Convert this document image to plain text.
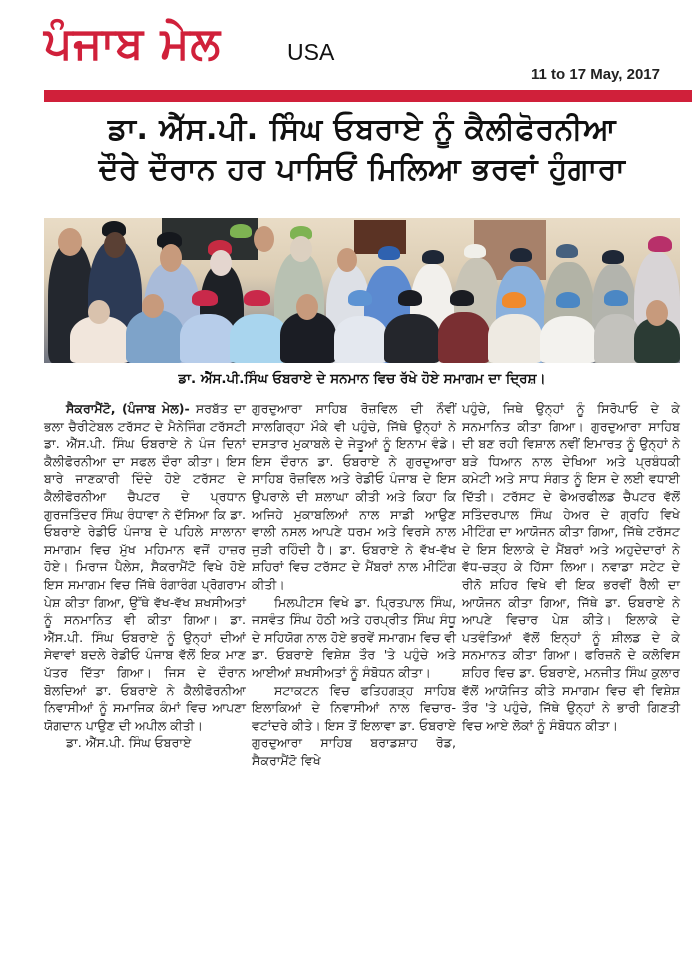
ਪੰਜਾਬ ਮੇਲ	USA
11 to 17 May, 2017
ਡਾ. ਐੱਸ.ਪੀ. ਸਿੰਘ ਓਬਰਾਏ ਨੂੰ ਕੈਲੀਫੋਰਨੀਆ
ਦੌਰੇ ਦੌਰਾਨ ਹਰ ਪਾਸਿਓਂ ਮਿਲਿਆ ਭਰਵਾਂ ਹੁੰਗਾਰਾ
ਡਾ. ਐੱਸ.ਪੀ.ਸਿੰਘ ਓਬਰਾਏ ਦੇ ਸਨਮਾਨ ਵਿਚ ਰੱਖੇ ਹੋਏ ਸਮਾਗਮ ਦਾ ਦ੍ਰਿਸ਼।

ਸੈਕਰਾਮੈਂਟੋ, (ਪੰਜਾਬ ਮੇਲ)- ਸਰਬੱਤ ਦਾ ਭਲਾ ਚੈਰੀਟੇਬਲ ਟਰੱਸਟ ਦੇ ਮੈਨੇਜਿੰਗ ਟਰੱਸਟੀ ਡਾ. ਐੱਸ.ਪੀ. ਸਿੰਘ ਓਬਰਾਏ ਨੇ ਪੰਜ ਦਿਨਾਂ ਕੈਲੀਫੋਰਨੀਆ ਦਾ ਸਫਲ ਦੌਰਾ ਕੀਤਾ। ਇਸ ਬਾਰੇ ਜਾਣਕਾਰੀ ਦਿੰਦੇ ਹੋਏ ਟਰੱਸਟ ਦੇ ਕੈਲੀਫੋਰਨੀਆ ਚੈਪਟਰ ਦੇ ਪ੍ਰਧਾਨ ਗੁਰਜਤਿੰਦਰ ਸਿੰਘ ਰੰਧਾਵਾ ਨੇ ਦੱਸਿਆ ਕਿ ਡਾ. ਓਬਰਾਏ ਰੇਡੀਓ ਪੰਜਾਬ ਦੇ ਪਹਿਲੇ ਸਾਲਾਨਾ ਸਮਾਗਮ ਵਿਚ ਮੁੱਖ ਮਹਿਮਾਨ ਵਜੋਂ ਹਾਜ਼ਰ ਹੋਏ। ਮਿਰਾਜ ਪੈਲੇਸ, ਸੈਕਰਾਮੈਂਟੋ ਵਿਖੇ ਹੋਏ ਇਸ ਸਮਾਗਮ ਵਿਚ ਜਿੱਥੇ ਰੰਗਾਰੰਗ ਪ੍ਰੋਗਰਾਮ ਪੇਸ਼ ਕੀਤਾ ਗਿਆ, ਉੱਥੇ ਵੱਖ-ਵੱਖ ਸ਼ਖਸੀਅਤਾਂ ਨੂੰ ਸਨਮਾਨਿਤ ਵੀ ਕੀਤਾ ਗਿਆ। ਡਾ. ਐੱਸ.ਪੀ. ਸਿੰਘ ਓਬਰਾਏ ਨੂੰ ਉਨ੍ਹਾਂ ਦੀਆਂ ਸੇਵਾਵਾਂ ਬਦਲੇ ਰੇਡੀਓ ਪੰਜਾਬ ਵੱਲੋਂ ਇਕ ਮਾਣ ਪੱਤਰ ਦਿੱਤਾ ਗਿਆ। ਜਿਸ ਦੇ ਦੌਰਾਨ ਬੋਲਦਿਆਂ ਡਾ. ਓਬਰਾਏ ਨੇ ਕੈਲੀਫੋਰਨੀਆ ਨਿਵਾਸੀਆਂ ਨੂੰ ਸਮਾਜਿਕ ਕੰਮਾਂ ਵਿਚ ਆਪਣਾ ਯੋਗਦਾਨ ਪਾਉਣ ਦੀ ਅਪੀਲ ਕੀਤੀ।

ਡਾ. ਐੱਸ.ਪੀ. ਸਿੰਘ ਓਬਰਾਏ

ਗੁਰਦੁਆਰਾ ਸਾਹਿਬ ਰੋਜ਼ਵਿਲ ਦੀ ਨੌਵੀਂ ਸਾਲਗਿਰ੍ਹਾ ਮੌਕੇ ਵੀ ਪਹੁੰਚੇ, ਜਿੱਥੇ ਉਨ੍ਹਾਂ ਨੇ ਦਸਤਾਰ ਮੁਕਾਬਲੇ ਦੇ ਜੇਤੂਆਂ ਨੂੰ ਇਨਾਮ ਵੰਡੇ। ਇਸ ਦੌਰਾਨ ਡਾ. ਓਬਰਾਏ ਨੇ ਗੁਰਦੁਆਰਾ ਸਾਹਿਬ ਰੋਜ਼ਵਿਲ ਅਤੇ ਰੇਡੀਓ ਪੰਜਾਬ ਦੇ ਇਸ ਉਪਰਾਲੇ ਦੀ ਸ਼ਲਾਘਾ ਕੀਤੀ ਅਤੇ ਕਿਹਾ ਕਿ ਅਜਿਹੇ ਮੁਕਾਬਲਿਆਂ ਨਾਲ ਸਾਡੀ ਆਉਣ ਵਾਲੀ ਨਸਲ ਆਪਣੇ ਧਰਮ ਅਤੇ ਵਿਰਸੇ ਨਾਲ ਜੁੜੀ ਰਹਿੰਦੀ ਹੈ। ਡਾ. ਓਬਰਾਏ ਨੇ ਵੱਖ-ਵੱਖ ਸ਼ਹਿਰਾਂ ਵਿਚ ਟਰੱਸਟ ਦੇ ਮੈਂਬਰਾਂ ਨਾਲ ਮੀਟਿੰਗ ਕੀਤੀ।

ਮਿਲਪੀਟਸ ਵਿਖੇ ਡਾ. ਪ੍ਰਿਤਪਾਲ ਸਿੰਘ, ਜਸਵੰਤ ਸਿੰਘ ਹੋਠੀ ਅਤੇ ਹਰਪ੍ਰੀਤ ਸਿੰਘ ਸੰਧੂ ਦੇ ਸਹਿਯੋਗ ਨਾਲ ਹੋਏ ਭਰਵੇਂ ਸਮਾਗਮ ਵਿਚ ਵੀ ਡਾ. ਓਬਰਾਏ ਵਿਸ਼ੇਸ਼ ਤੌਰ 'ਤੇ ਪਹੁੰਚੇ ਅਤੇ ਆਈਆਂ ਸ਼ਖਸੀਅਤਾਂ ਨੂੰ ਸੰਬੋਧਨ ਕੀਤਾ।

ਸਟਾਕਟਨ ਵਿਚ ਫਤਿਹਗੜ੍ਹ ਸਾਹਿਬ ਇਲਾਕਿਆਂ ਦੇ ਨਿਵਾਸੀਆਂ ਨਾਲ ਵਿਚਾਰ-ਵਟਾਂਦਰੇ ਕੀਤੇ। ਇਸ ਤੋਂ ਇਲਾਵਾ ਡਾ. ਓਬਰਾਏ ਗੁਰਦੁਆਰਾ ਸਾਹਿਬ ਬਰਾਡਸ਼ਾਹ ਰੋਡ, ਸੈਕਰਾਮੈਂਟੋ ਵਿਖੇ

ਪਹੁੰਚੇ, ਜਿਥੇ ਉਨ੍ਹਾਂ ਨੂੰ ਸਿਰੋਪਾਓ ਦੇ ਕੇ ਸਨਮਾਨਿਤ ਕੀਤਾ ਗਿਆ। ਗੁਰਦੁਆਰਾ ਸਾਹਿਬ ਦੀ ਬਣ ਰਹੀ ਵਿਸ਼ਾਲ ਨਵੀਂ ਇਮਾਰਤ ਨੂੰ ਉਨ੍ਹਾਂ ਨੇ ਬੜੇ ਧਿਆਨ ਨਾਲ ਦੇਖਿਆ ਅਤੇ ਪ੍ਰਬੰਧਕੀ ਕਮੇਟੀ ਅਤੇ ਸਾਧ ਸੰਗਤ ਨੂੰ ਇਸ ਦੇ ਲਈ ਵਧਾਈ ਦਿੱਤੀ। ਟਰੱਸਟ ਦੇ ਫੇਅਰਫੀਲਡ ਚੈਪਟਰ ਵੱਲੋਂ ਸਤਿੰਦਰਪਾਲ ਸਿੰਘ ਹੇਅਰ ਦੇ ਗ੍ਰਹਿ ਵਿਖੇ ਮੀਟਿੰਗ ਦਾ ਆਯੋਜਨ ਕੀਤਾ ਗਿਆ, ਜਿੱਥੇ ਟਰੱਸਟ ਦੇ ਇਸ ਇਲਾਕੇ ਦੇ ਮੈਂਬਰਾਂ ਅਤੇ ਅਹੁਦੇਦਾਰਾਂ ਨੇ ਵੱਧ-ਚੜ੍ਹ ਕੇ ਹਿੱਸਾ ਲਿਆ। ਨਵਾਡਾ ਸਟੇਟ ਦੇ ਰੀਨੋ ਸ਼ਹਿਰ ਵਿਖੇ ਵੀ ਇਕ ਭਰਵੀਂ ਰੈਲੀ ਦਾ ਆਯੋਜਨ ਕੀਤਾ ਗਿਆ, ਜਿੱਥੇ ਡਾ. ਓਬਰਾਏ ਨੇ ਆਪਣੇ ਵਿਚਾਰ ਪੇਸ਼ ਕੀਤੇ। ਇਲਾਕੇ ਦੇ ਪਤਵੰਤਿਆਂ ਵੱਲੋਂ ਇਨ੍ਹਾਂ ਨੂੰ ਸ਼ੀਲਡ ਦੇ ਕੇ ਸਨਮਾਨਤ ਕੀਤਾ ਗਿਆ। ਫਰਿਜ਼ਨੋ ਦੇ ਕਲੋਵਿਸ ਸ਼ਹਿਰ ਵਿਚ ਡਾ. ਓਬਰਾਏ, ਮਨਜੀਤ ਸਿੰਘ ਕੁਲਾਰ ਵੱਲੋਂ ਆਯੋਜਿਤ ਕੀਤੇ ਸਮਾਗਮ ਵਿਚ ਵੀ ਵਿਸ਼ੇਸ਼ ਤੌਰ 'ਤੇ ਪਹੁੰਚੇ, ਜਿੱਥੇ ਉਨ੍ਹਾਂ ਨੇ ਭਾਰੀ ਗਿਣਤੀ ਵਿਚ ਆਏ ਲੋਕਾਂ ਨੂੰ ਸੰਬੋਧਨ ਕੀਤਾ।
